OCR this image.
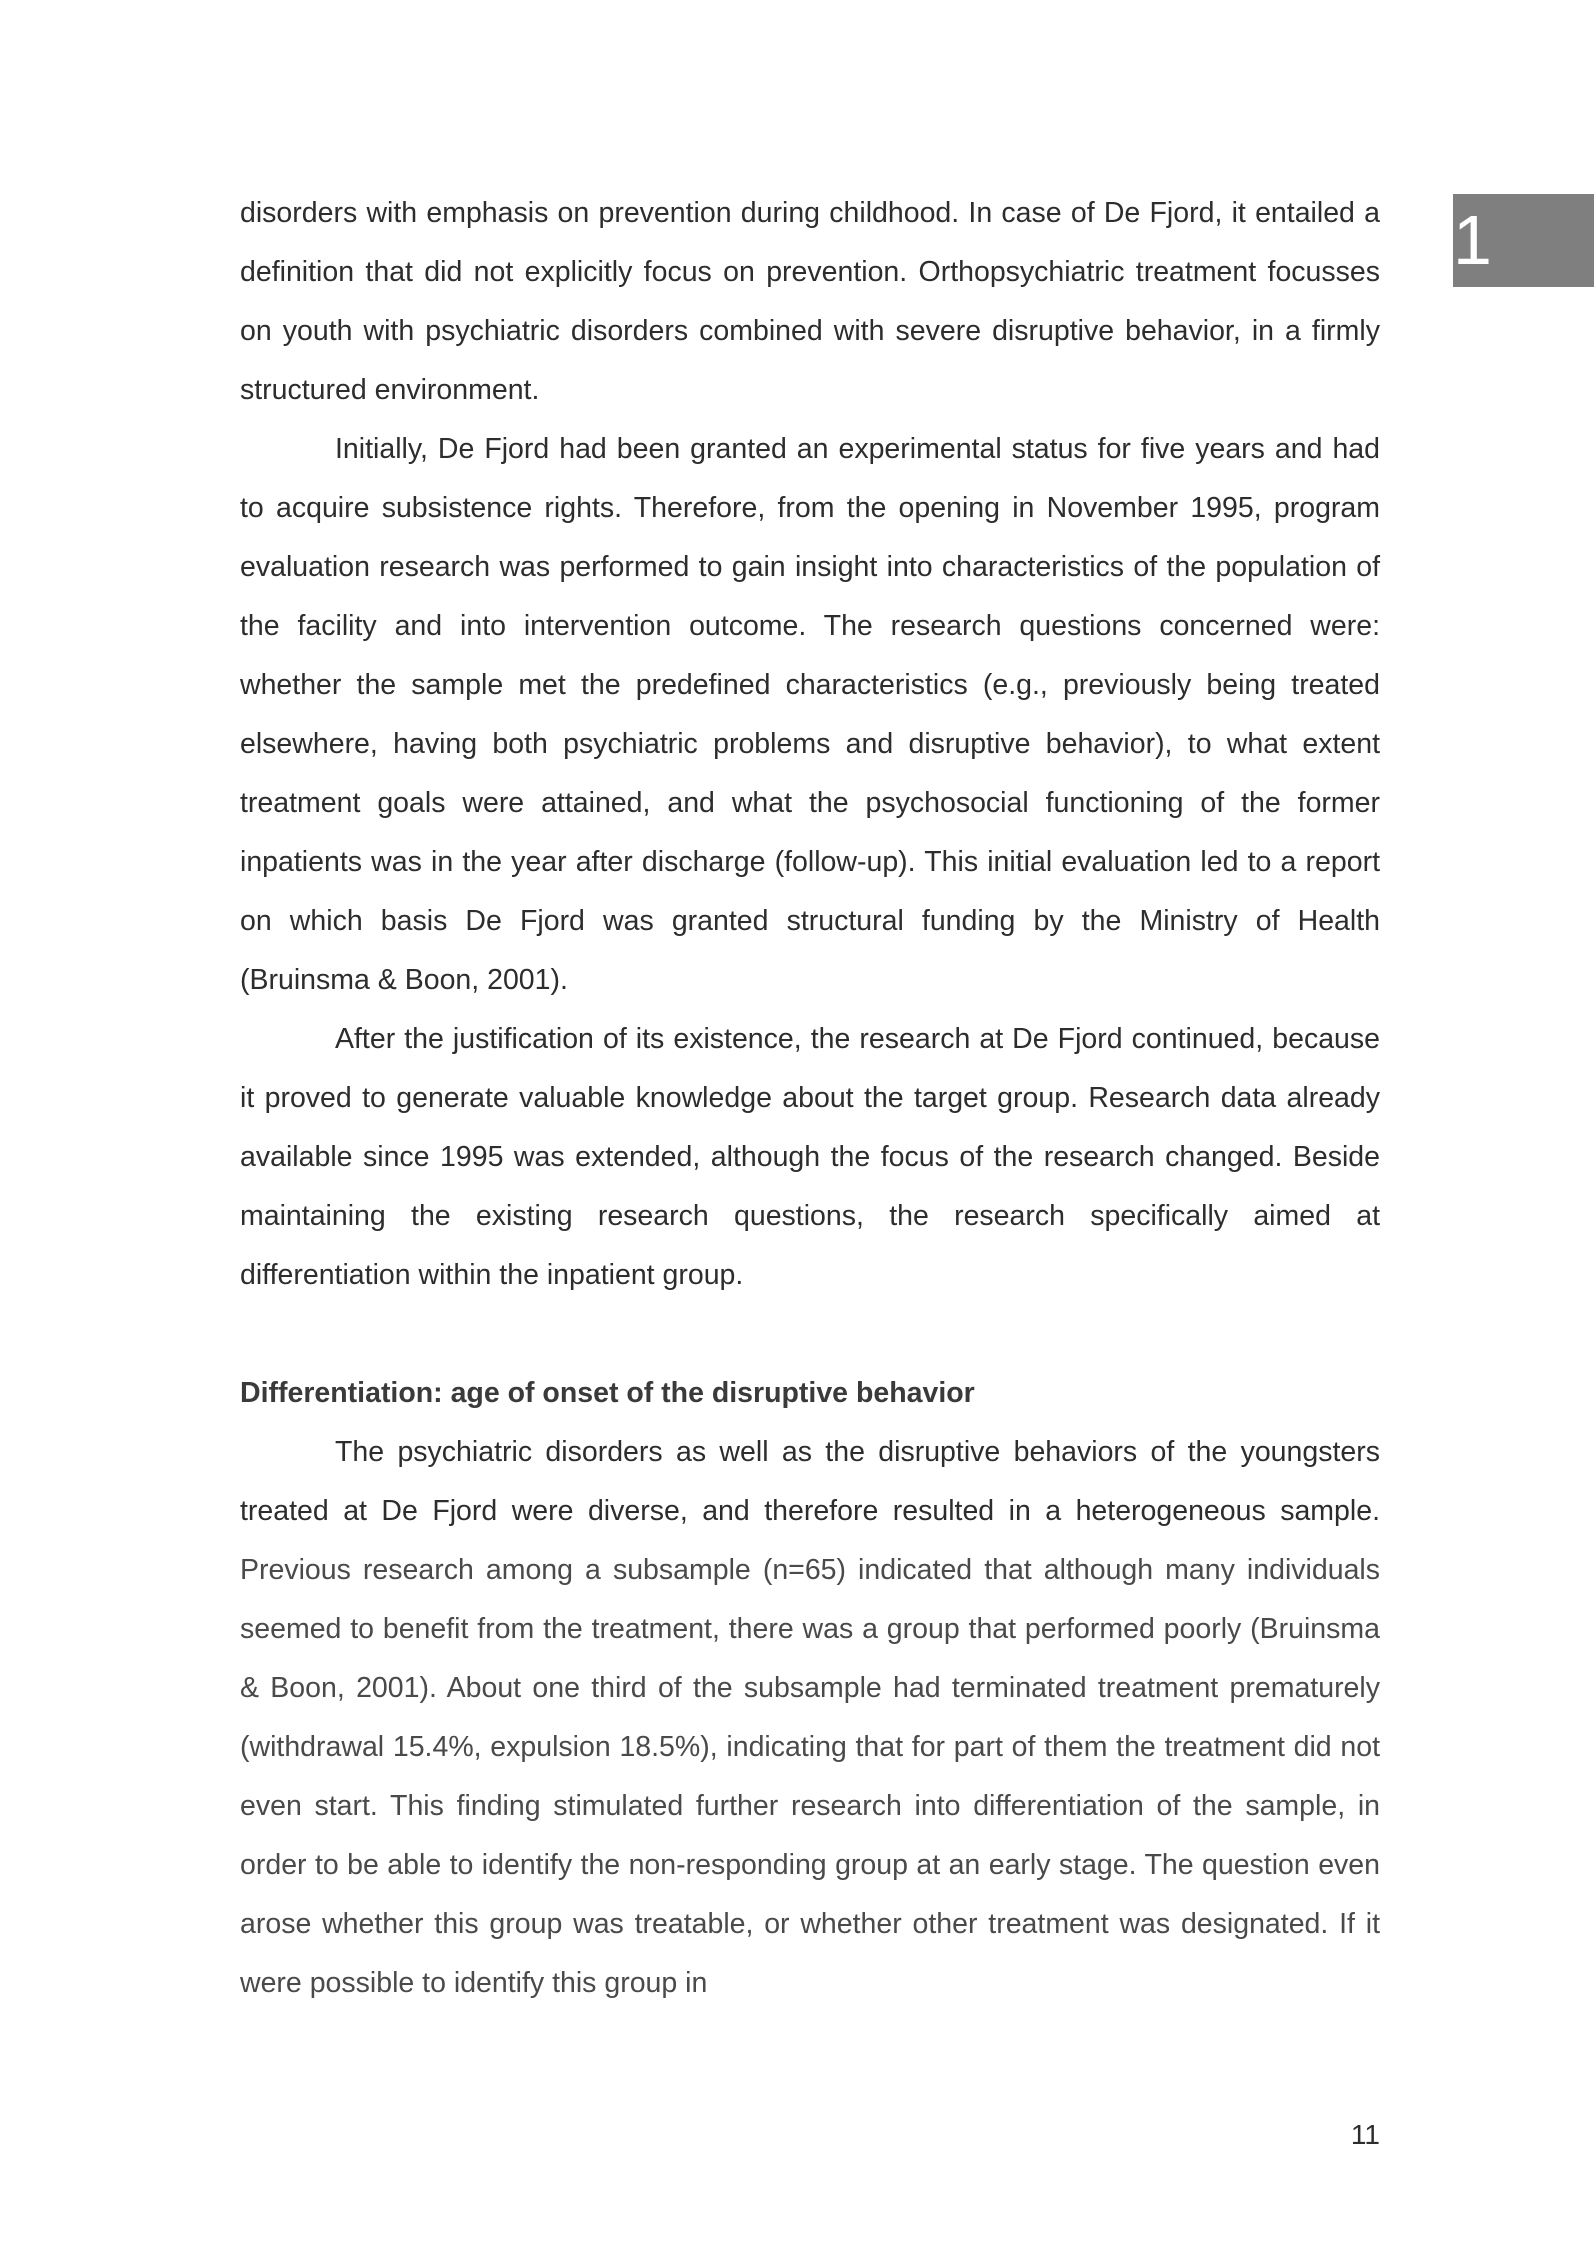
1

disorders with emphasis on prevention during childhood. In case of De Fjord, it entailed a definition that did not explicitly focus on prevention. Orthopsychiatric treatment focusses on youth with psychiatric disorders combined with severe disruptive behavior, in a firmly structured environment.

Initially, De Fjord had been granted an experimental status for five years and had to acquire subsistence rights. Therefore, from the opening in November 1995, program evaluation research was performed to gain insight into characteristics of the population of the facility and into intervention outcome. The research questions concerned were: whether the sample met the predefined characteristics (e.g., previously being treated elsewhere, having both psychiatric problems and disruptive behavior), to what extent treatment goals were attained, and what the psychosocial functioning of the former inpatients was in the year after discharge (follow-up). This initial evaluation led to a report on which basis De Fjord was granted structural funding by the Ministry of Health (Bruinsma & Boon, 2001).

After the justification of its existence, the research at De Fjord continued, because it proved to generate valuable knowledge about the target group. Research data already available since 1995 was extended, although the focus of the research changed. Beside maintaining the existing research questions, the research specifically aimed at differentiation within the inpatient group.

Differentiation: age of onset of the disruptive behavior

The psychiatric disorders as well as the disruptive behaviors of the youngsters treated at De Fjord were diverse, and therefore resulted in a heterogeneous sample. Previous research among a subsample (n=65) indicated that although many individuals seemed to benefit from the treatment, there was a group that performed poorly (Bruinsma & Boon, 2001). About one third of the subsample had terminated treatment prematurely (withdrawal 15.4%, expulsion 18.5%), indicating that for part of them the treatment did not even start. This finding stimulated further research into differentiation of the sample, in order to be able to identify the non-responding group at an early stage. The question even arose whether this group was treatable, or whether other treatment was designated. If it were possible to identify this group in

11
